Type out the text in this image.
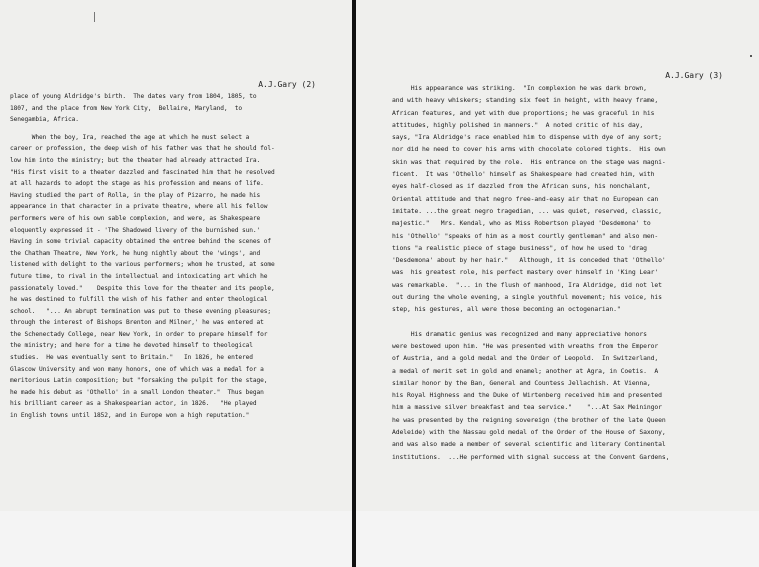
A.J.Gary (2)
place of young Aldridge's birth.  The dates vary from 1804, 1805, to
1807, and the place from New York City,  Bellaire, Maryland,  to
Senegambia, Africa.
When the boy, Ira, reached the age at which he must select a
career or profession, the deep wish of his father was that he should fol-
low him into the ministry; but the theater had already attracted Ira.
"His first visit to a theater dazzled and fascinated him that he resolved
at all hazards to adopt the stage as his profession and means of life.
Having studied the part of Rolla, in the play of Pizarro, he made his
appearance in that character in a private theatre, where all his fellow
performers were of his own sable complexion, and were, as Shakespeare
eloquently expressed it - 'The Shadowed livery of the burnished sun.'
Having in some trivial capacity obtained the entree behind the scenes of
the Chatham Theatre, New York, he hung nightly about the 'wings', and
listened with delight to the various performers; whom he trusted, at some
future time, to rival in the intellectual and intoxicating art which he
passionately loved."    Despite this love for the theater and its people,
he was destined to fulfill the wish of his father and enter theological
school.   "... An abrupt termination was put to these evening pleasures;
through the interest of Bishops Brenton and Milner,' he was entered at
the Schenectady College, near New York, in order to prepare himself for
the ministry; and here for a time he devoted himself to theological
studies.  He was eventually sent to Britain."   In 1826, he entered
Glascow University and won many honors, one of which was a medal for a
meritorious Latin composition; but "forsaking the pulpit for the stage,
he made his debut as 'Othello' in a small London theater."  Thus began
his brilliant career as a Shakespearian actor, in 1826.   "He played
in English towns until 1852, and in Europe won a high reputation."
A.J.Gary (3)
His appearance was striking.  "In complexion he was dark brown,
and with heavy whiskers; standing six feet in height, with heavy frame,
African features, and yet with due proportions; he was graceful in his
attitudes, highly polished in manners."  A noted critic of his day,
says, "Ira Aldridge's race enabled him to dispense with dye of any sort;
nor did he need to cover his arms with chocolate colored tights.  His own
skin was that required by the role.  His entrance on the stage was magni-
ficent.  It was 'Othello' himself as Shakespeare had created him, with
eyes half-closed as if dazzled from the African suns, his nonchalant,
Oriental attitude and that negro free-and-easy air that no European can
imitate. ...the great negro tragedian, ... was quiet, reserved, classic,
majestic."   Mrs. Kendal, who as Miss Robertson played 'Desdemona' to
his 'Othello' "speaks of him as a most courtly gentleman" and also men-
tions "a realistic piece of stage business", of how he used to 'drag
'Desdemona' about by her hair."   Although, it is conceded that 'Othello'
was  his greatest role, his perfect mastery over himself in 'King Lear'
was remarkable.  "... in the flush of manhood, Ira Aldridge, did not let
out during the whole evening, a single youthful movement; his voice, his
step, his gestures, all were those becoming an octogenarian."
His dramatic genius was recognized and many appreciative honors
were bestowed upon him. "He was presented with wreaths from the Emperor
of Austria, and a gold medal and the Order of Leopold.  In Switzerland,
a medal of merit set in gold and enamel; another at Agra, in Coetis.  A
similar honor by the Ban, General and Countess Jellachish. At Vienna,
his Royal Highness and the Duke of Wirtenberg received him and presented
him a massive silver breakfast and tea service."    "...At Sax Meiningor
he was presented by the reigning sovereign (the brother of the late Queen
Adeleide) with the Nassau gold medal of the Order of the House of Saxony,
and was also made a member of several scientific and literary Continental
institutions.  ...He performed with signal success at the Convent Gardens,
